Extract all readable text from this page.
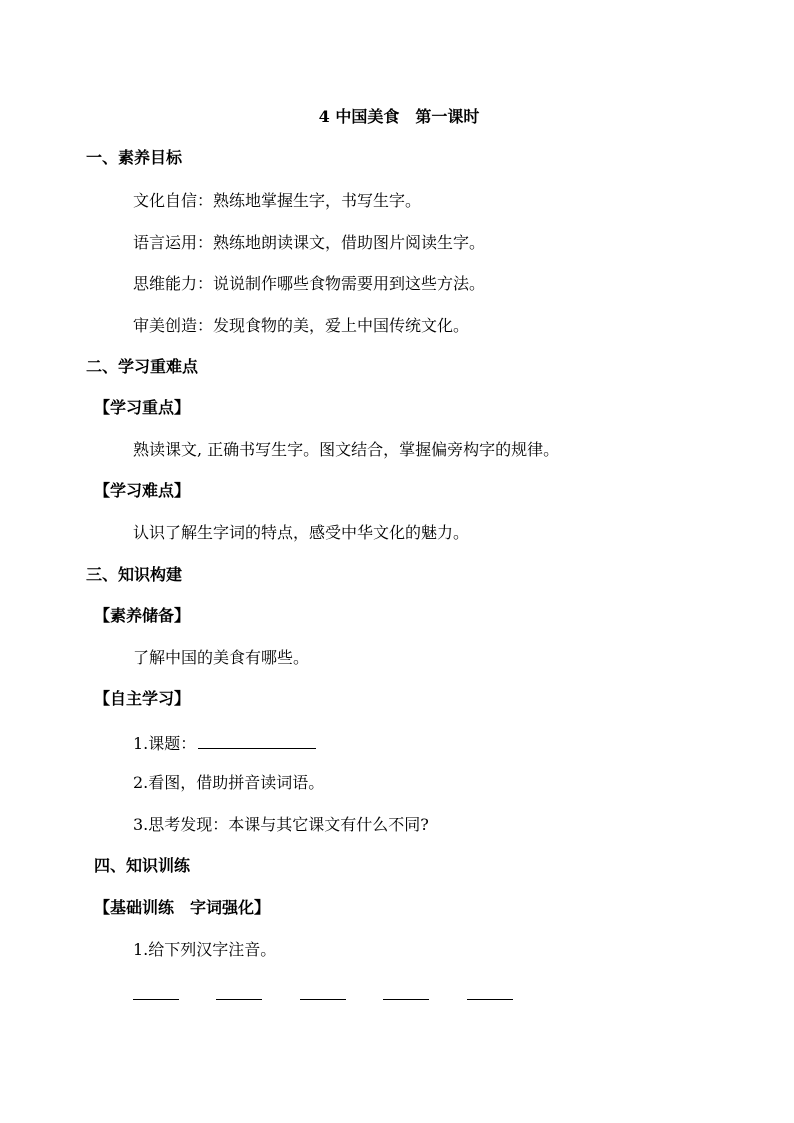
4 中国美食　第一课时
一、素养目标
文化自信：熟练地掌握生字，书写生字。
语言运用：熟练地朗读课文，借助图片阅读生字。
思维能力：说说制作哪些食物需要用到这些方法。
审美创造：发现食物的美，爱上中国传统文化。
二、学习重难点
【学习重点】
熟读课文, 正确书写生字。图文结合，掌握偏旁构字的规律。
【学习难点】
认识了解生字词的特点，感受中华文化的魅力。
三、知识构建
【素养储备】
了解中国的美食有哪些。
【自主学习】
1.课题：
2.看图，借助拼音读词语。
3.思考发现：本课与其它课文有什么不同?
四、知识训练
【基础训练　字词强化】
1.给下列汉字注音。
